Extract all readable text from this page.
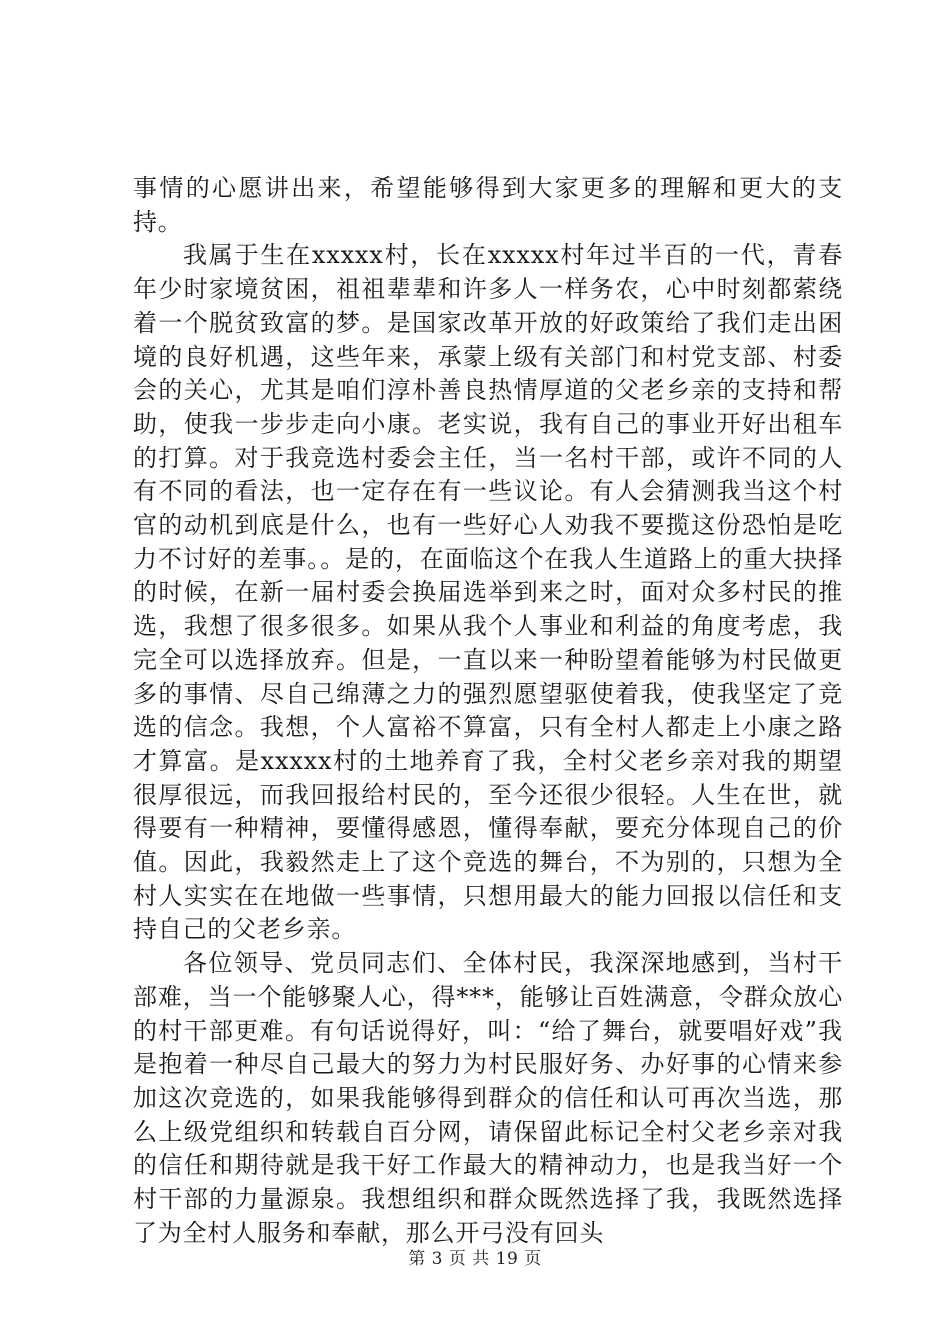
事情的心愿讲出来，希望能够得到大家更多的理解和更大的支持。

我属于生在xxxxx村，长在xxxxx村年过半百的一代，青春年少时家境贫困，祖祖辈辈和许多人一样务农，心中时刻都萦绕着一个脱贫致富的梦。是国家改革开放的好政策给了我们走出困境的良好机遇，这些年来，承蒙上级有关部门和村党支部、村委会的关心，尤其是咱们淳朴善良热情厚道的父老乡亲的支持和帮助，使我一步步走向小康。老实说，我有自己的事业开好出租车的打算。对于我竞选村委会主任，当一名村干部，或许不同的人有不同的看法，也一定存在有一些议论。有人会猜测我当这个村官的动机到底是什么，也有一些好心人劝我不要揽这份恐怕是吃力不讨好的差事。。是的，在面临这个在我人生道路上的重大抉择的时候，在新一届村委会换届选举到来之时，面对众多村民的推选，我想了很多很多。如果从我个人事业和利益的角度考虑，我完全可以选择放弃。但是，一直以来一种盼望着能够为村民做更多的事情、尽自己绵薄之力的强烈愿望驱使着我，使我坚定了竞选的信念。我想，个人富裕不算富，只有全村人都走上小康之路才算富。是xxxxx村的土地养育了我，全村父老乡亲对我的期望很厚很远，而我回报给村民的，至今还很少很轻。人生在世，就得要有一种精神，要懂得感恩，懂得奉献，要充分体现自己的价值。因此，我毅然走上了这个竞选的舞台，不为别的，只想为全村人实实在在地做一些事情，只想用最大的能力回报以信任和支持自己的父老乡亲。

各位领导、党员同志们、全体村民，我深深地感到，当村干部难，当一个能够聚人心，得***，能够让百姓满意，令群众放心的村干部更难。有句话说得好，叫：“给了舞台，就要唱好戏”我是抱着一种尽自己最大的努力为村民服好务、办好事的心情来参加这次竞选的，如果我能够得到群众的信任和认可再次当选，那么上级党组织和转载自百分网，请保留此标记全村父老乡亲对我的信任和期待就是我干好工作最大的精神动力，也是我当好一个村干部的力量源泉。我想组织和群众既然选择了我，我既然选择了为全村人服务和奉献，那么开弓没有回头

第 3 页 共 19 页
